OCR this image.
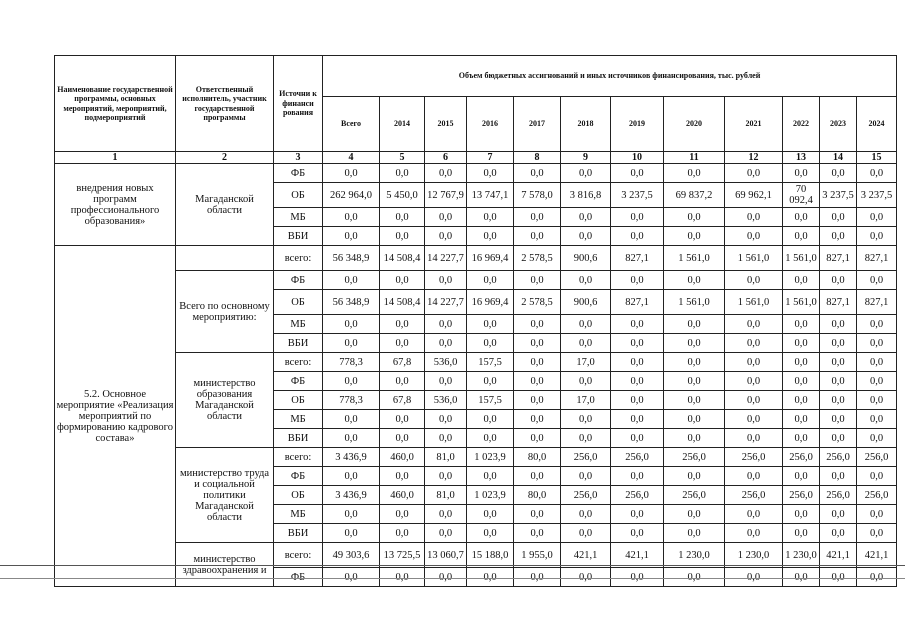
Наименование государственной программы, основных мероприятий, мероприятий, подмероприятий	Ответственный исполнитель, участник государственной программы	Источни к финанси рования	Объем бюджетных ассигнований и иных источников финансирования, тыс. рублей											
			Всего	2014	2015	2016	2017	2018	2019	2020	2021	2022	2023	2024
1	2	3	4	5	6	7	8	9	10	11	12	13	14	15
внедрения новых программ профессионального образования»	Магаданской области	ФБ	0,0	0,0	0,0	0,0	0,0	0,0	0,0	0,0	0,0	0,0	0,0	0,0
		ОБ	262 964,0	5 450,0	12 767,9	13 747,1	7 578,0	3 816,8	3 237,5	69 837,2	69 962,1	70 092,4	3 237,5	3 237,5
		МБ	0,0	0,0	0,0	0,0	0,0	0,0	0,0	0,0	0,0	0,0	0,0	0,0
		ВБИ	0,0	0,0	0,0	0,0	0,0	0,0	0,0	0,0	0,0	0,0	0,0	0,0
5.2. Основное мероприятие «Реализация мероприятий по формированию кадрового состава»		всего:	56 348,9	14 508,4	14 227,7	16 969,4	2 578,5	900,6	827,1	1 561,0	1 561,0	1 561,0	827,1	827,1
	Всего по основному мероприятию:	ФБ	0,0	0,0	0,0	0,0	0,0	0,0	0,0	0,0	0,0	0,0	0,0	0,0
		ОБ	56 348,9	14 508,4	14 227,7	16 969,4	2 578,5	900,6	827,1	1 561,0	1 561,0	1 561,0	827,1	827,1
		МБ	0,0	0,0	0,0	0,0	0,0	0,0	0,0	0,0	0,0	0,0	0,0	0,0
		ВБИ	0,0	0,0	0,0	0,0	0,0	0,0	0,0	0,0	0,0	0,0	0,0	0,0
	министерство образования Магаданской области	всего:	778,3	67,8	536,0	157,5	0,0	17,0	0,0	0,0	0,0	0,0	0,0	0,0
		ФБ	0,0	0,0	0,0	0,0	0,0	0,0	0,0	0,0	0,0	0,0	0,0	0,0
		ОБ	778,3	67,8	536,0	157,5	0,0	17,0	0,0	0,0	0,0	0,0	0,0	0,0
		МБ	0,0	0,0	0,0	0,0	0,0	0,0	0,0	0,0	0,0	0,0	0,0	0,0
		ВБИ	0,0	0,0	0,0	0,0	0,0	0,0	0,0	0,0	0,0	0,0	0,0	0,0
	министерство труда и социальной политики Магаданской области	всего:	3 436,9	460,0	81,0	1 023,9	80,0	256,0	256,0	256,0	256,0	256,0	256,0	256,0
		ФБ	0,0	0,0	0,0	0,0	0,0	0,0	0,0	0,0	0,0	0,0	0,0	0,0
		ОБ	3 436,9	460,0	81,0	1 023,9	80,0	256,0	256,0	256,0	256,0	256,0	256,0	256,0
		МБ	0,0	0,0	0,0	0,0	0,0	0,0	0,0	0,0	0,0	0,0	0,0	0,0
		ВБИ	0,0	0,0	0,0	0,0	0,0	0,0	0,0	0,0	0,0	0,0	0,0	0,0
	министерство здравоохранения и	всего:	49 303,6	13 725,5	13 060,7	15 188,0	1 955,0	421,1	421,1	1 230,0	1 230,0	1 230,0	421,1	421,1
		ФБ	0,0	0,0	0,0	0,0	0,0	0,0	0,0	0,0	0,0	0,0	0,0	0,0
